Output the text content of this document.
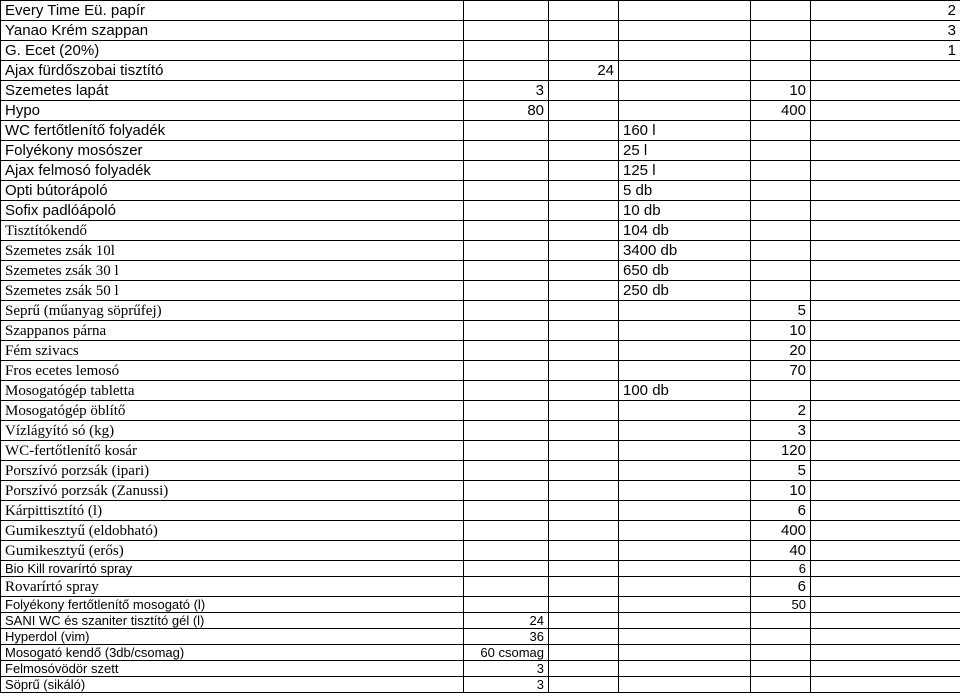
Every Time Eü. papír					2
Yanao Krém szappan					3
G. Ecet (20%)					1
Ajax fürdőszobai tisztító		24			
Szemetes lapát	3			10	
Hypo	80			400	
WC fertőtlenítő folyadék			160 l		
Folyékony mosószer			25 l		
Ajax felmosó folyadék			125 l		
Opti bútorápoló			5 db		
Sofix padlóápoló			10 db		
Tisztítókendő			104 db		
Szemetes zsák 10l			3400 db		
Szemetes zsák 30 l			650 db		
Szemetes zsák 50 l			250 db		
Seprű (műanyag söprűfej)				5	
Szappanos párna				10	
Fém szivacs				20	
Fros ecetes lemosó				70	
Mosogatógép tabletta			100 db		
Mosogatógép öblítő				2	
Vízlágyító só (kg)				3	
WC-fertőtlenítő kosár				120	
Porszívó porzsák (ipari)				5	
Porszívó porzsák (Zanussi)				10	
Kárpittisztító (l)				6	
Gumikesztyű (eldobható)				400	
Gumikesztyű (erős)				40	
Bio Kill rovarírtó spray				6	
Rovarírtó spray				6	
Folyékony fertőtlenítő mosogató (l)				50	
SANI WC és szaniter tisztító gél (l)	24				
Hyperdol (vim)	36				
Mosogató kendő (3db/csomag)	60 csomag				
Felmosóvödör szett	3				
Söprű (sikáló)	3				
